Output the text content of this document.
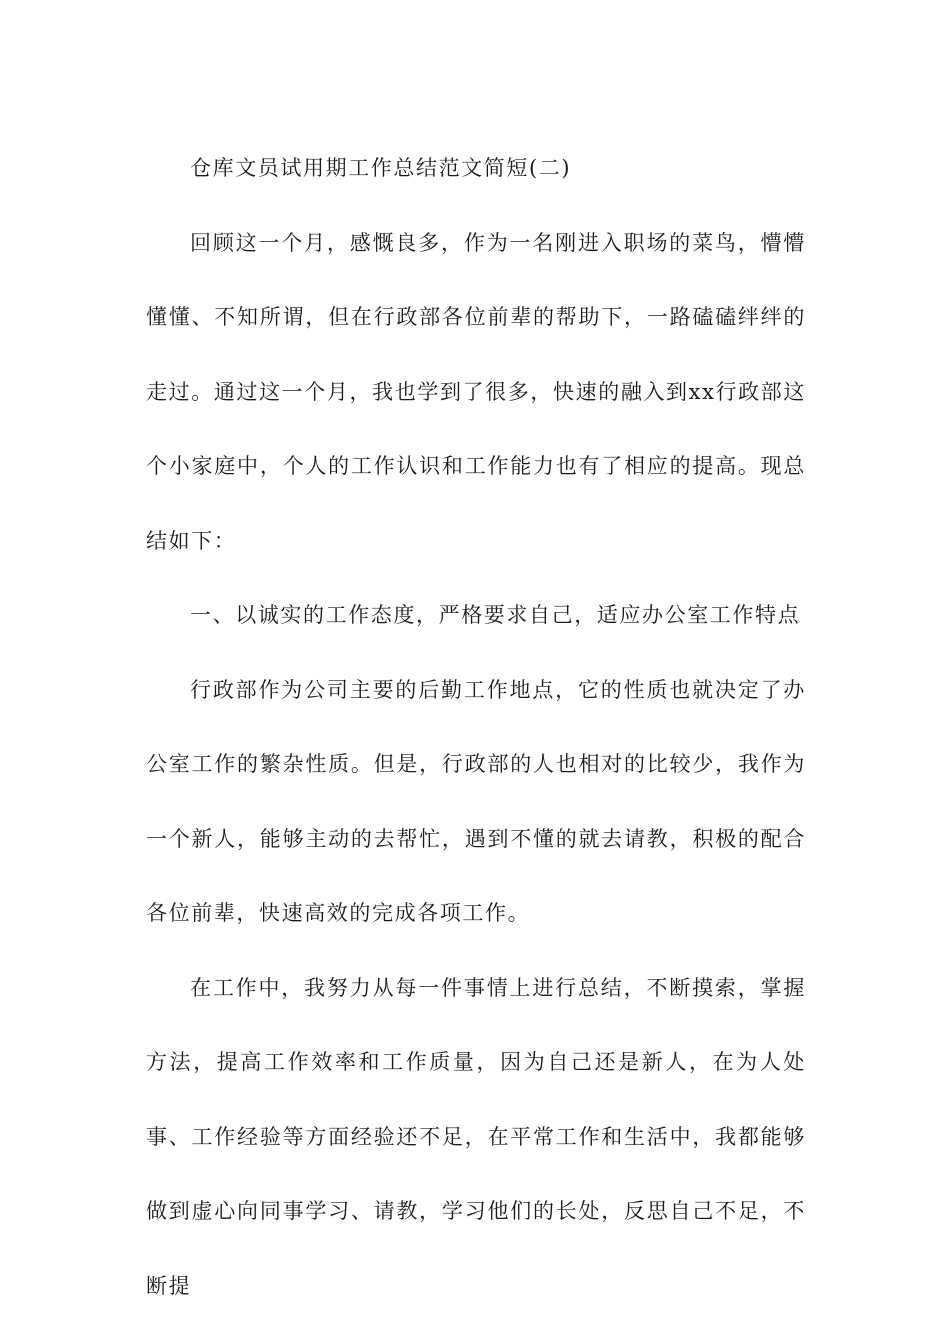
仓库文员试用期工作总结范文简短(二)

回顾这一个月，感慨良多，作为一名刚进入职场的菜鸟，懵懵懂懂、不知所谓，但在行政部各位前辈的帮助下，一路磕磕绊绊的走过。通过这一个月，我也学到了很多，快速的融入到xx行政部这个小家庭中，个人的工作认识和工作能力也有了相应的提高。现总结如下：

一、以诚实的工作态度，严格要求自己，适应办公室工作特点

行政部作为公司主要的后勤工作地点，它的性质也就决定了办公室工作的繁杂性质。但是，行政部的人也相对的比较少，我作为一个新人，能够主动的去帮忙，遇到不懂的就去请教，积极的配合各位前辈，快速高效的完成各项工作。

在工作中，我努力从每一件事情上进行总结，不断摸索，掌握方法，提高工作效率和工作质量，因为自己还是新人，在为人处事、工作经验等方面经验还不足，在平常工作和生活中，我都能够做到虚心向同事学习、请教，学习他们的长处，反思自己不足，不断提
